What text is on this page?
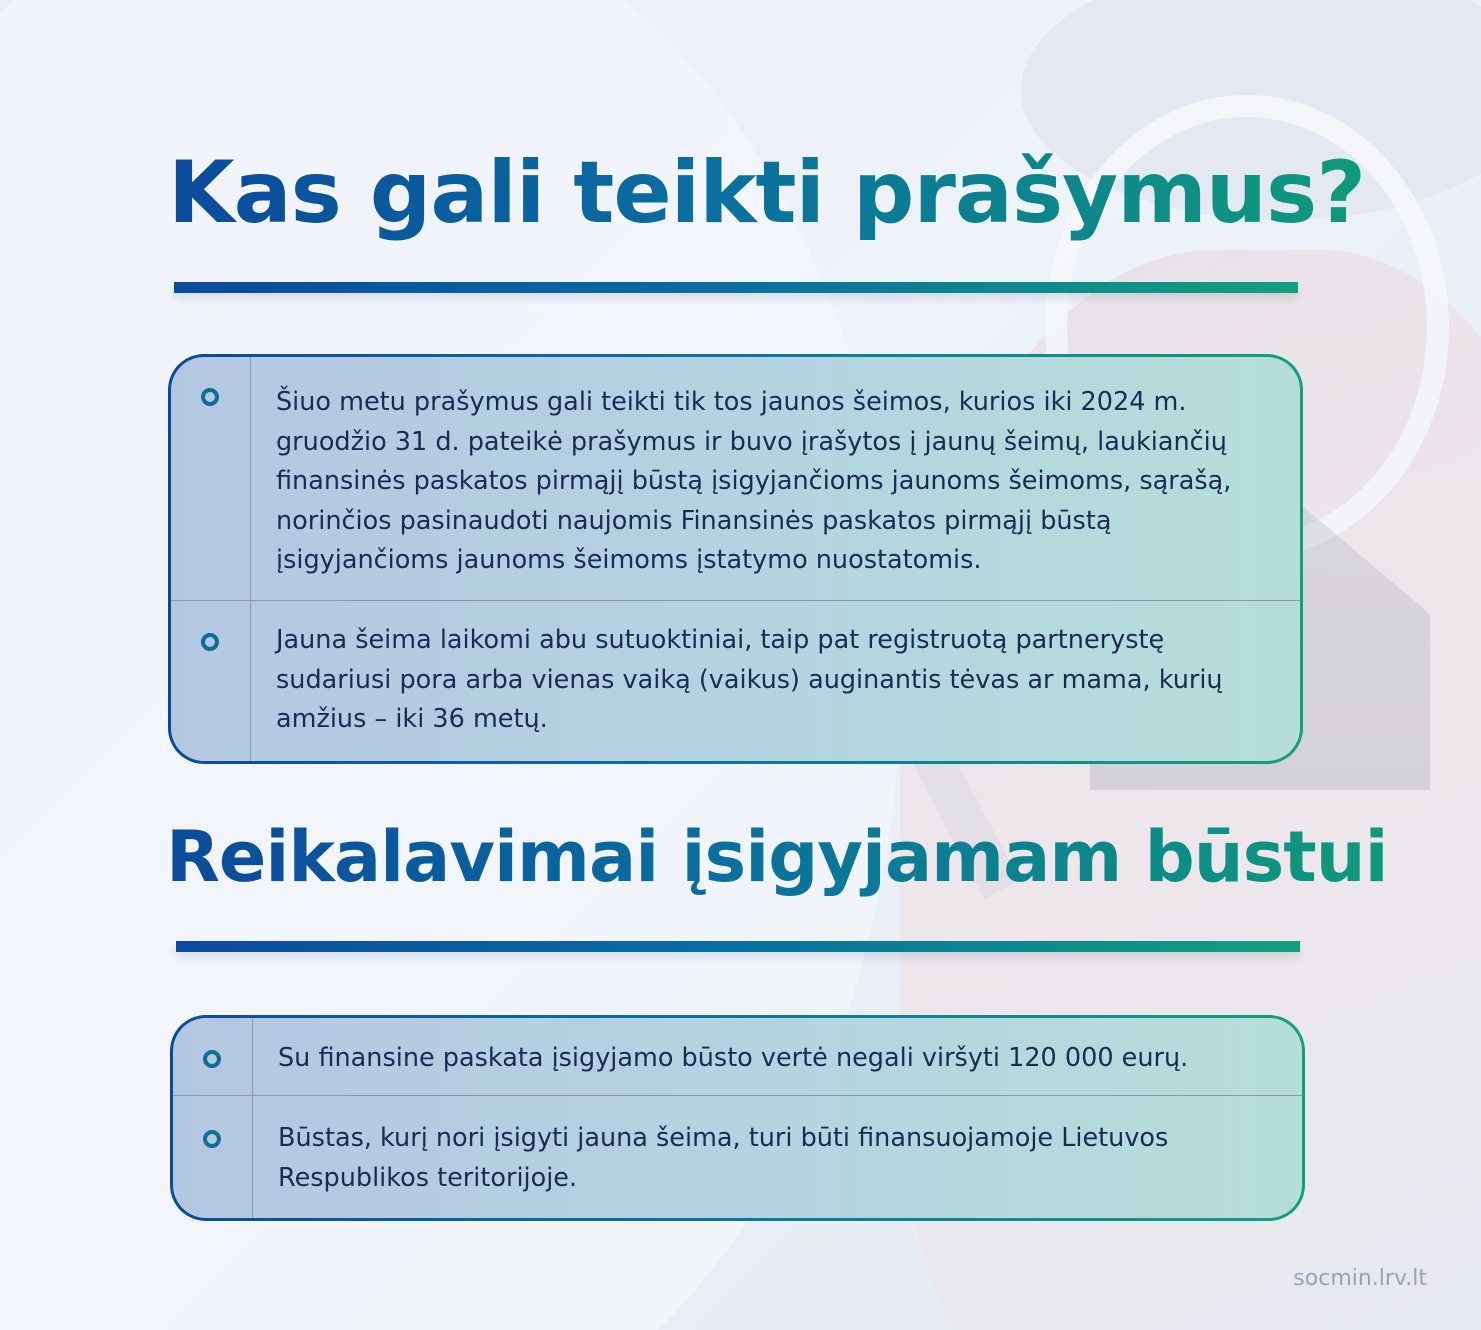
Kas gali teikti prašymus?

Šiuo metu prašymus gali teikti tik tos jaunos šeimos, kurios iki 2024 m. gruodžio 31 d. pateikė prašymus ir buvo įrašytos į jaunų šeimų, laukiančių finansinės paskatos pirmąjį būstą įsigyjančioms jaunoms šeimoms, sąrašą, norinčios pasinaudoti naujomis Finansinės paskatos pirmąjį būstą įsigyjančioms jaunoms šeimoms įstatymo nuostatomis.

Jauna šeima laikomi abu sutuoktiniai, taip pat registruotą partnerystę sudariusi pora arba vienas vaiką (vaikus) auginantis tėvas ar mama, kurių amžius – iki 36 metų.

Reikalavimai įsigyjamam būstui

Su finansine paskata įsigyjamo būsto vertė negali viršyti 120 000 eurų.

Būstas, kurį nori įsigyti jauna šeima, turi būti finansuojamoje Lietuvos Respublikos teritorijoje.

socmin.lrv.lt
